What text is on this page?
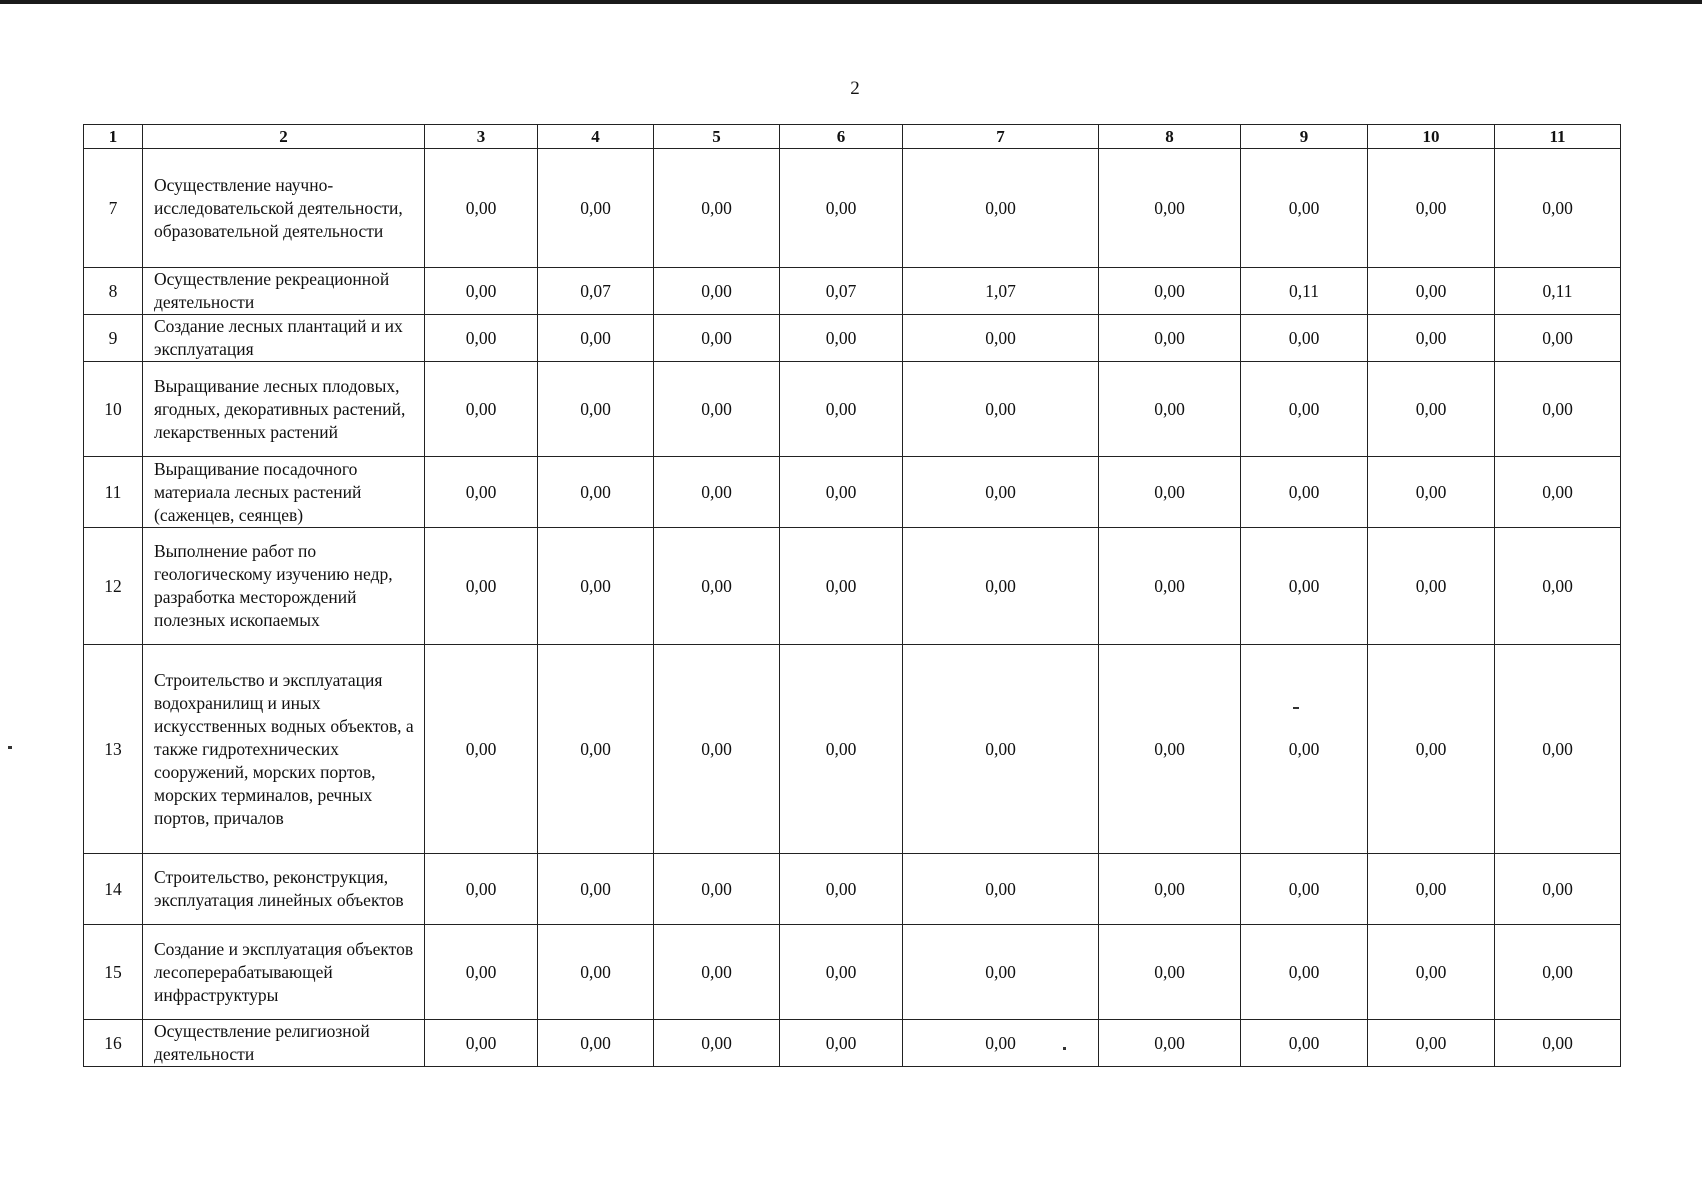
2
1	2	3	4	5	6	7	8	9	10	11
7	Осуществление научно-исследовательской деятельности, образовательной деятельности	0,00	0,00	0,00	0,00	0,00	0,00	0,00	0,00	0,00
8	Осуществление рекреационной деятельности	0,00	0,07	0,00	0,07	1,07	0,00	0,11	0,00	0,11
9	Создание лесных плантаций и их эксплуатация	0,00	0,00	0,00	0,00	0,00	0,00	0,00	0,00	0,00
10	Выращивание лесных плодовых, ягодных, декоративных растений, лекарственных растений	0,00	0,00	0,00	0,00	0,00	0,00	0,00	0,00	0,00
11	Выращивание посадочного материала лесных растений (саженцев, сеянцев)	0,00	0,00	0,00	0,00	0,00	0,00	0,00	0,00	0,00
12	Выполнение работ по геологическому изучению недр, разработка месторождений полезных ископаемых	0,00	0,00	0,00	0,00	0,00	0,00	0,00	0,00	0,00
13	Строительство и эксплуатация водохранилищ и иных искусственных водных объектов, а также гидротехнических сооружений, морских портов, морских терминалов, речных портов, причалов	0,00	0,00	0,00	0,00	0,00	0,00	0,00	0,00	0,00
14	Строительство, реконструкция, эксплуатация линейных объектов	0,00	0,00	0,00	0,00	0,00	0,00	0,00	0,00	0,00
15	Создание и эксплуатация объектов лесоперерабатывающей инфраструктуры	0,00	0,00	0,00	0,00	0,00	0,00	0,00	0,00	0,00
16	Осуществление религиозной деятельности	0,00	0,00	0,00	0,00	0,00	0,00	0,00	0,00	0,00
